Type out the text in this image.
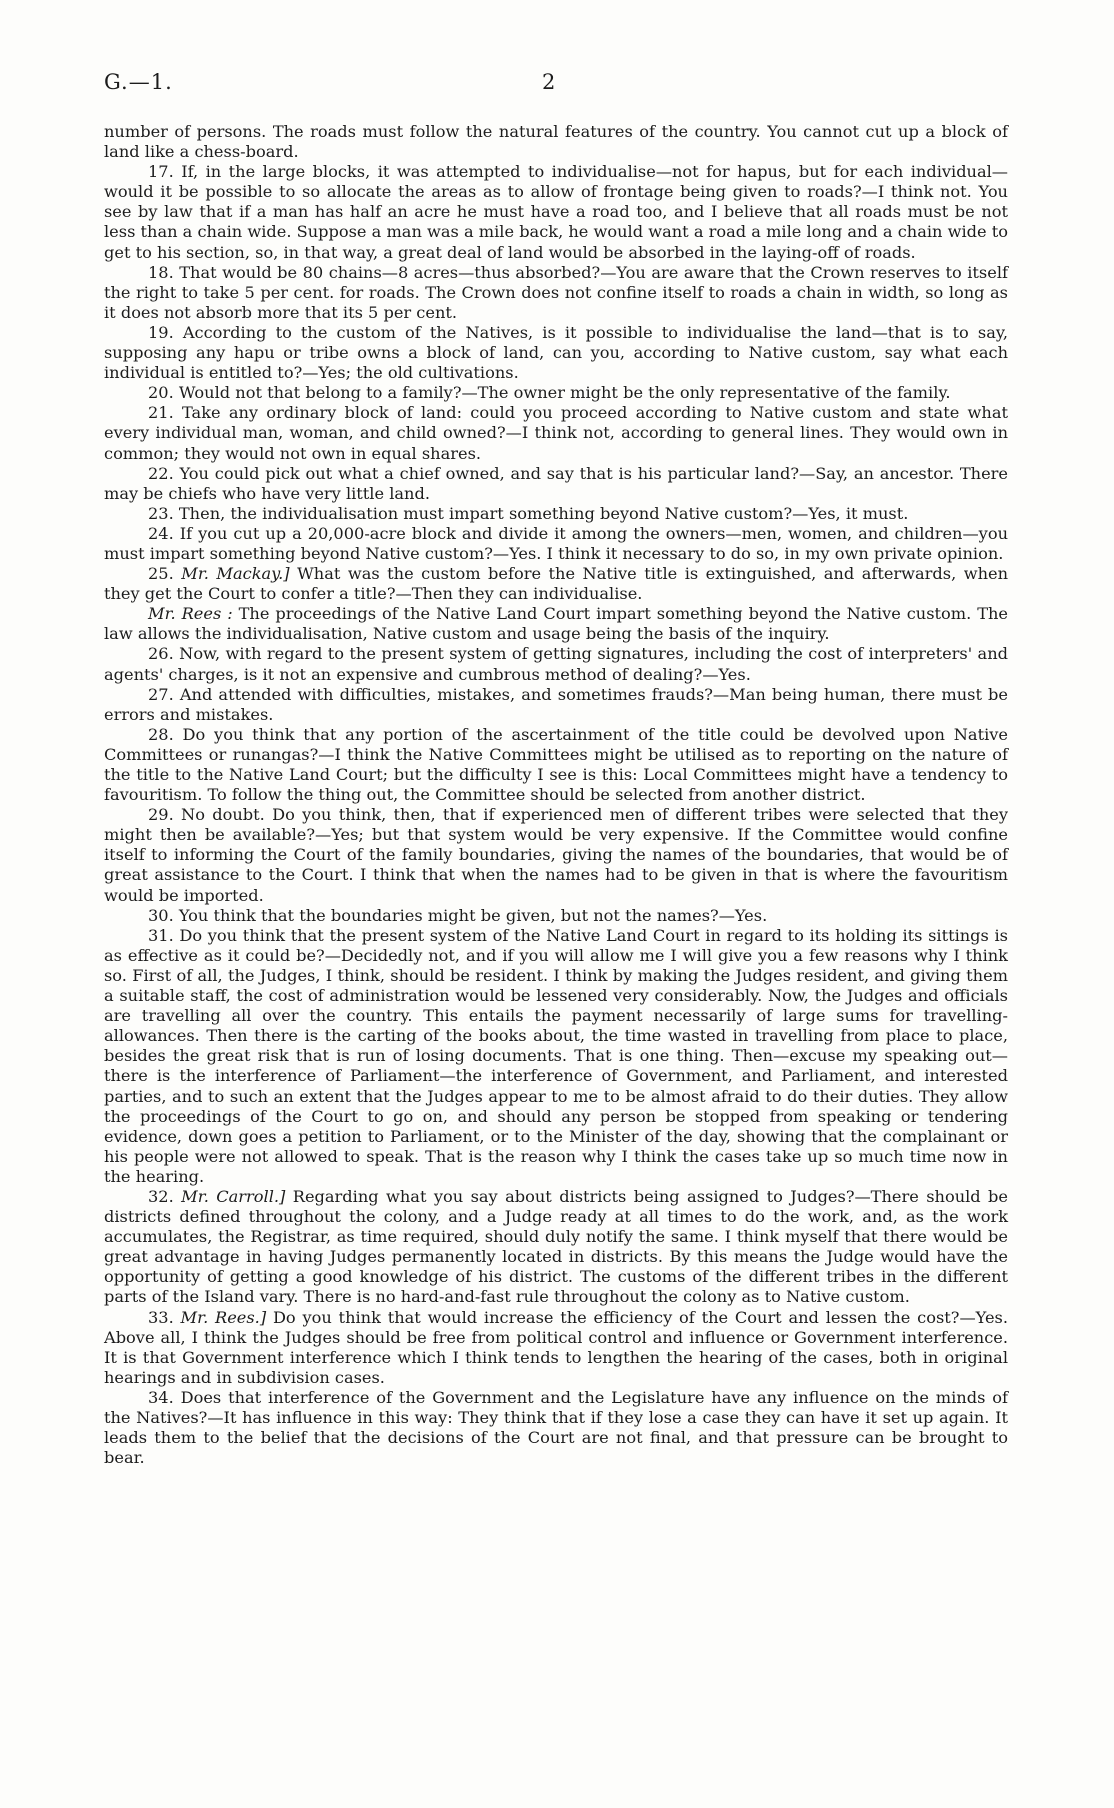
G.—1.	2

number of persons. The roads must follow the natural features of the country. You cannot cut up a block of land like a chess-board.

17. If, in the large blocks, it was attempted to individualise—not for hapus, but for each individual—would it be possible to so allocate the areas as to allow of frontage being given to roads?—I think not. You see by law that if a man has half an acre he must have a road too, and I believe that all roads must be not less than a chain wide. Suppose a man was a mile back, he would want a road a mile long and a chain wide to get to his section, so, in that way, a great deal of land would be absorbed in the laying-off of roads.

18. That would be 80 chains—8 acres—thus absorbed?—You are aware that the Crown reserves to itself the right to take 5 per cent. for roads. The Crown does not confine itself to roads a chain in width, so long as it does not absorb more that its 5 per cent.

19. According to the custom of the Natives, is it possible to individualise the land—that is to say, supposing any hapu or tribe owns a block of land, can you, according to Native custom, say what each individual is entitled to?—Yes; the old cultivations.

20. Would not that belong to a family?—The owner might be the only representative of the family.

21. Take any ordinary block of land: could you proceed according to Native custom and state what every individual man, woman, and child owned?—I think not, according to general lines. They would own in common; they would not own in equal shares.

22. You could pick out what a chief owned, and say that is his particular land?—Say, an ancestor. There may be chiefs who have very little land.

23. Then, the individualisation must impart something beyond Native custom?—Yes, it must.

24. If you cut up a 20,000-acre block and divide it among the owners—men, women, and children—you must impart something beyond Native custom?—Yes. I think it necessary to do so, in my own private opinion.

25. Mr. Mackay.] What was the custom before the Native title is extinguished, and afterwards, when they get the Court to confer a title?—Then they can individualise.

Mr. Rees : The proceedings of the Native Land Court impart something beyond the Native custom. The law allows the individualisation, Native custom and usage being the basis of the inquiry.

26. Now, with regard to the present system of getting signatures, including the cost of interpreters' and agents' charges, is it not an expensive and cumbrous method of dealing?—Yes.

27. And attended with difficulties, mistakes, and sometimes frauds?—Man being human, there must be errors and mistakes.

28. Do you think that any portion of the ascertainment of the title could be devolved upon Native Committees or runangas?—I think the Native Committees might be utilised as to reporting on the nature of the title to the Native Land Court; but the difficulty I see is this: Local Committees might have a tendency to favouritism. To follow the thing out, the Committee should be selected from another district.

29. No doubt. Do you think, then, that if experienced men of different tribes were selected that they might then be available?—Yes; but that system would be very expensive. If the Committee would confine itself to informing the Court of the family boundaries, giving the names of the boundaries, that would be of great assistance to the Court. I think that when the names had to be given in that is where the favouritism would be imported.

30. You think that the boundaries might be given, but not the names?—Yes.

31. Do you think that the present system of the Native Land Court in regard to its holding its sittings is as effective as it could be?—Decidedly not, and if you will allow me I will give you a few reasons why I think so. First of all, the Judges, I think, should be resident. I think by making the Judges resident, and giving them a suitable staff, the cost of administration would be lessened very considerably. Now, the Judges and officials are travelling all over the country. This entails the payment necessarily of large sums for travelling-allowances. Then there is the carting of the books about, the time wasted in travelling from place to place, besides the great risk that is run of losing documents. That is one thing. Then—excuse my speaking out—there is the interference of Parliament—the interference of Government, and Parliament, and interested parties, and to such an extent that the Judges appear to me to be almost afraid to do their duties. They allow the proceedings of the Court to go on, and should any person be stopped from speaking or tendering evidence, down goes a petition to Parliament, or to the Minister of the day, showing that the complainant or his people were not allowed to speak. That is the reason why I think the cases take up so much time now in the hearing.

32. Mr. Carroll.] Regarding what you say about districts being assigned to Judges?—There should be districts defined throughout the colony, and a Judge ready at all times to do the work, and, as the work accumulates, the Registrar, as time required, should duly notify the same. I think myself that there would be great advantage in having Judges permanently located in districts. By this means the Judge would have the opportunity of getting a good knowledge of his district. The customs of the different tribes in the different parts of the Island vary. There is no hard-and-fast rule throughout the colony as to Native custom.

33. Mr. Rees.] Do you think that would increase the efficiency of the Court and lessen the cost?—Yes. Above all, I think the Judges should be free from political control and influence or Government interference. It is that Government interference which I think tends to lengthen the hearing of the cases, both in original hearings and in subdivision cases.

34. Does that interference of the Government and the Legislature have any influence on the minds of the Natives?—It has influence in this way: They think that if they lose a case they can have it set up again. It leads them to the belief that the decisions of the Court are not final, and that pressure can be brought to bear.
